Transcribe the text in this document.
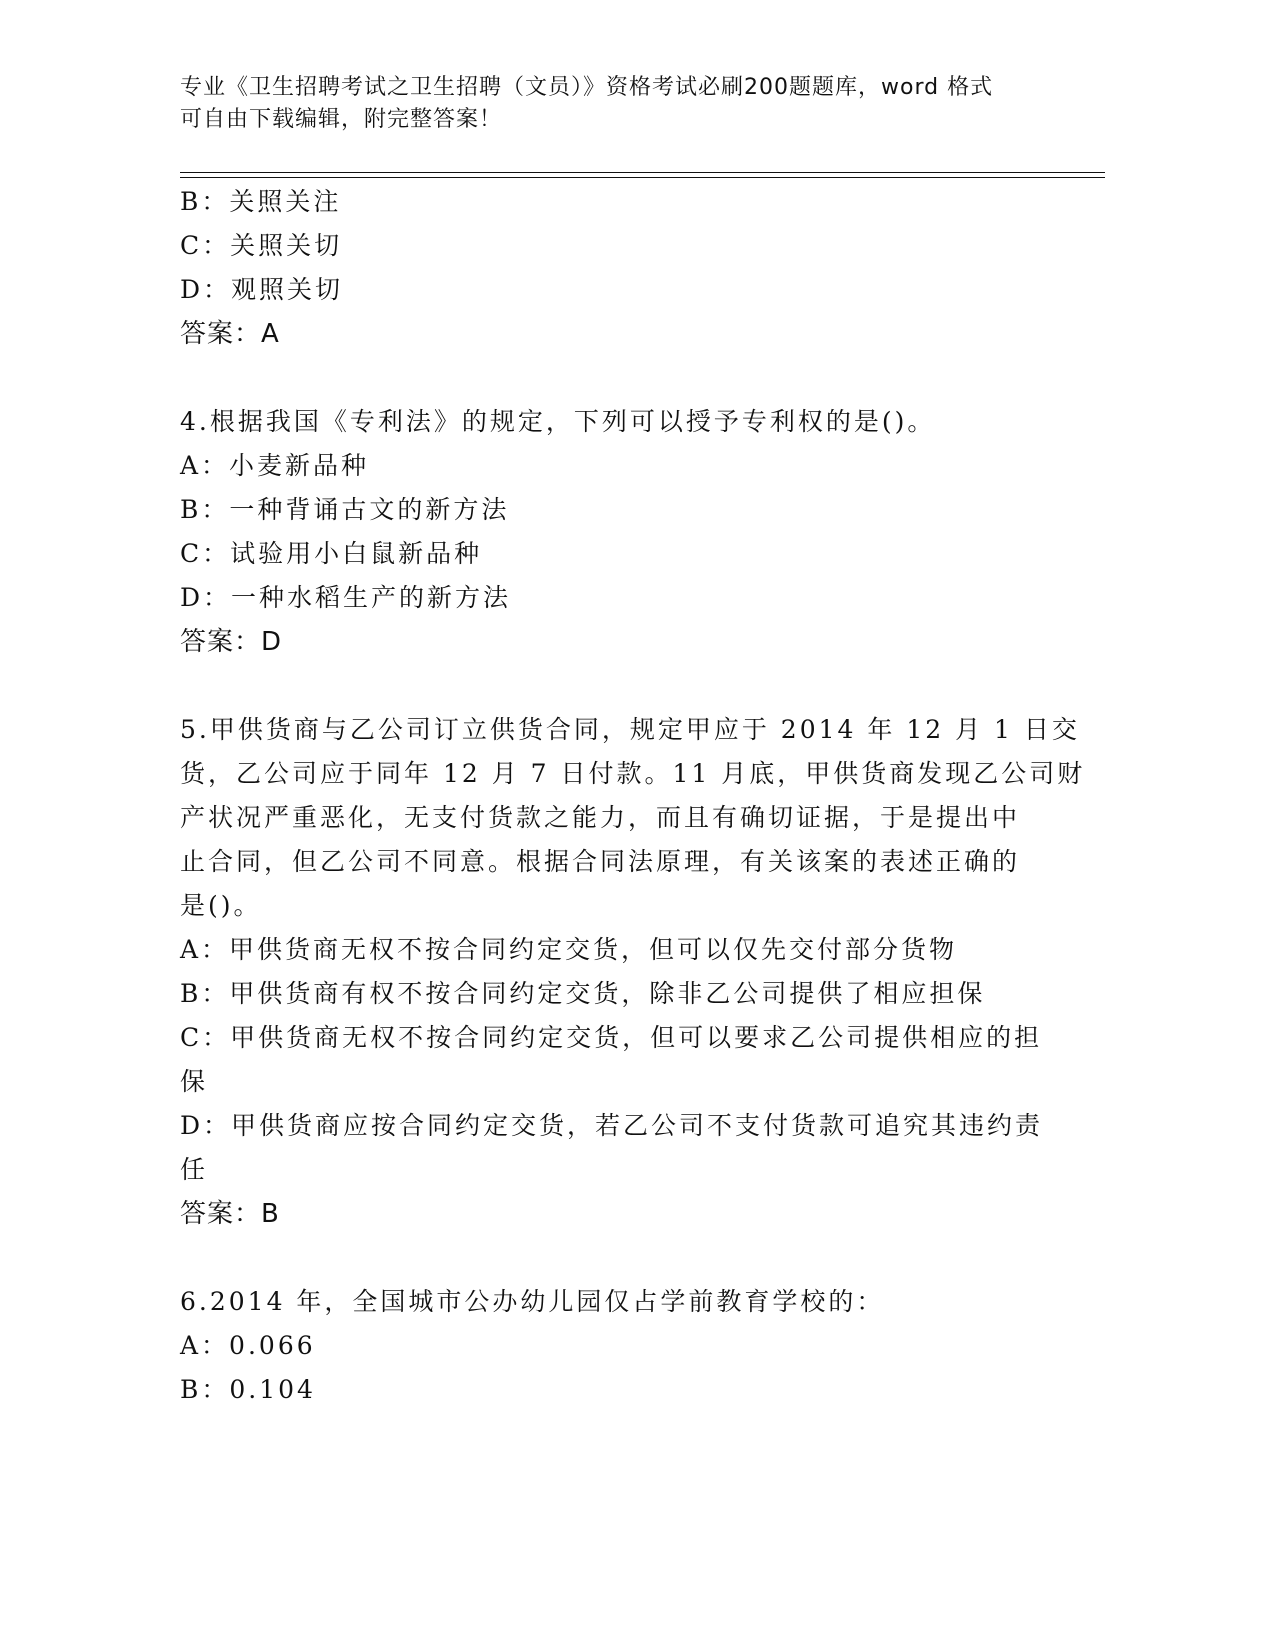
专业《卫生招聘考试之卫生招聘（文员）》资格考试必刷200题题库，word 格式
可自由下载编辑，附完整答案！
B：关照关注
C：关照关切
D：观照关切
答案：A
4.根据我国《专利法》的规定，下列可以授予专利权的是()。
A：小麦新品种
B：一种背诵古文的新方法
C：试验用小白鼠新品种
D：一种水稻生产的新方法
答案：D
5.甲供货商与乙公司订立供货合同，规定甲应于 2014 年 12 月 1 日交
货，乙公司应于同年 12 月 7 日付款。11 月底，甲供货商发现乙公司财
产状况严重恶化，无支付货款之能力，而且有确切证据，于是提出中
止合同，但乙公司不同意。根据合同法原理，有关该案的表述正确的
是()。
A：甲供货商无权不按合同约定交货，但可以仅先交付部分货物
B：甲供货商有权不按合同约定交货，除非乙公司提供了相应担保
C：甲供货商无权不按合同约定交货，但可以要求乙公司提供相应的担
保
D：甲供货商应按合同约定交货，若乙公司不支付货款可追究其违约责
任
答案：B
6.2014 年，全国城市公办幼儿园仅占学前教育学校的：
A：0.066
B：0.104
